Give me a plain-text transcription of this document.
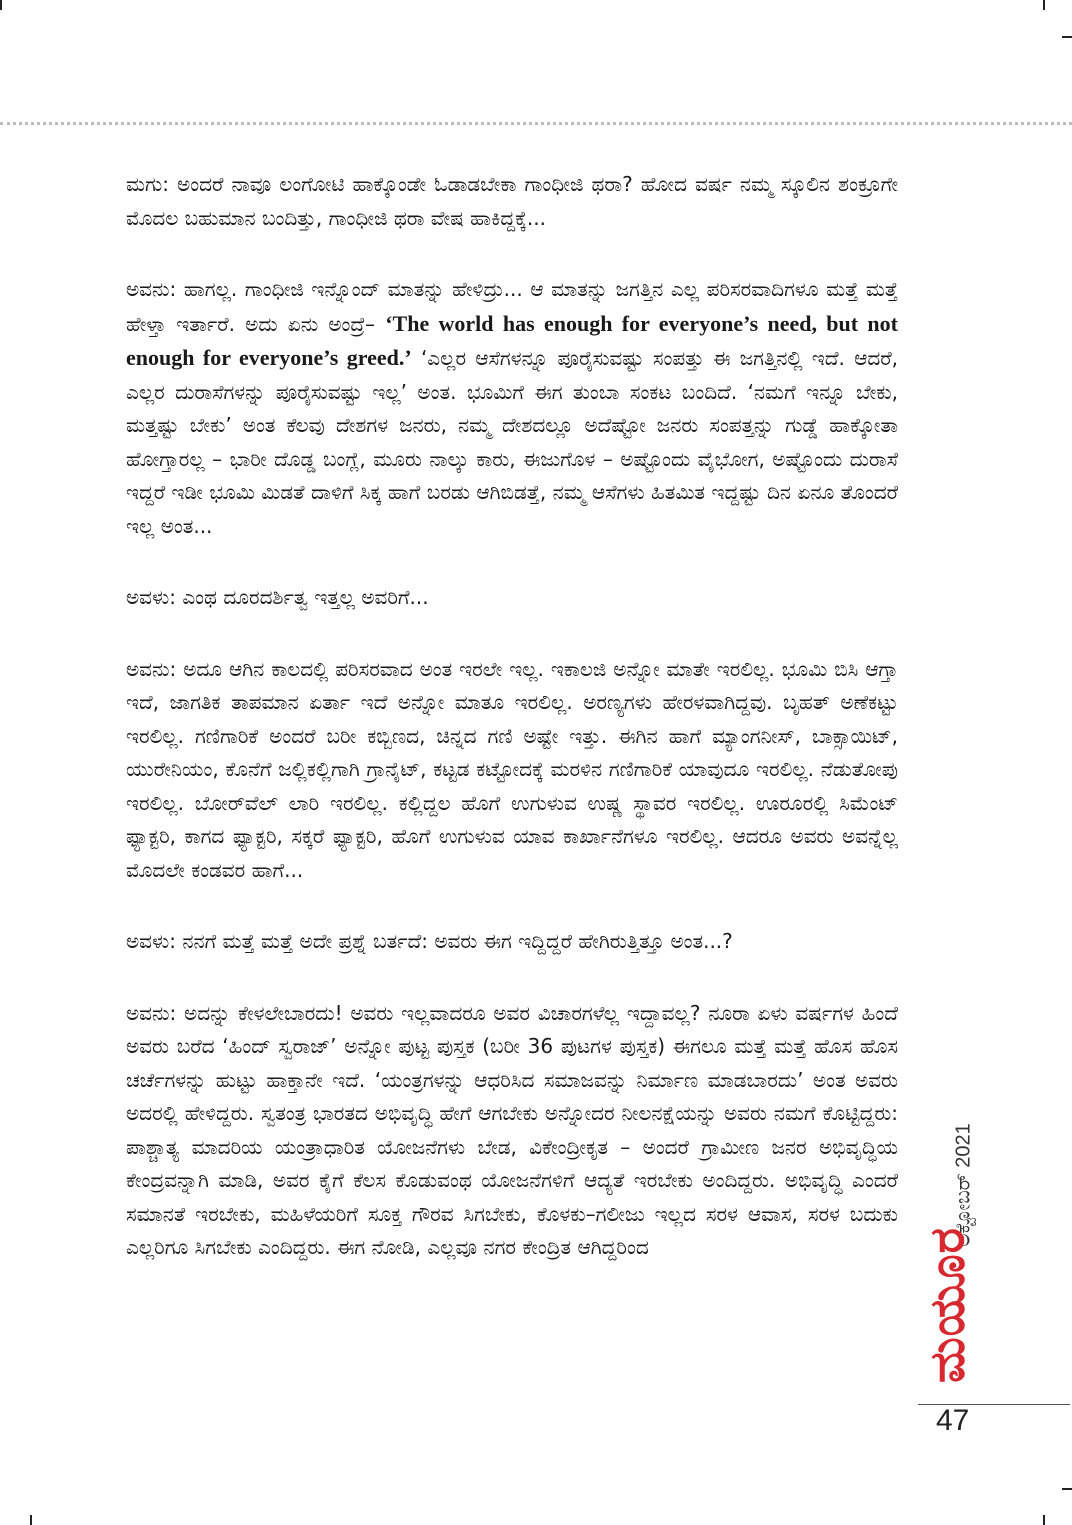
ಮಗು: ಅಂದರೆ ನಾವೂ ಲಂಗೋಟಿ ಹಾಕ್ಕೊಂಡೇ ಓಡಾಡಬೇಕಾ ಗಾಂಧೀಜಿ ಥರಾ? ಹೋದ ವರ್ಷ ನಮ್ಮ ಸ್ಕೂಲಿನ ಶಂಕ್ರೂಗೇ ಮೊದಲ ಬಹುಮಾನ ಬಂದಿತ್ತು, ಗಾಂಧೀಜಿ ಥರಾ ವೇಷ ಹಾಕಿದ್ದಕ್ಕೆ...

ಅವನು: ಹಾಗಲ್ಲ. ಗಾಂಧೀಜಿ ಇನ್ನೊಂದ್ ಮಾತನ್ನು ಹೇಳಿದ್ರು... ಆ ಮಾತನ್ನು ಜಗತ್ತಿನ ಎಲ್ಲ ಪರಿಸರವಾದಿಗಳೂ ಮತ್ತೆ ಮತ್ತೆ ಹೇಳ್ತಾ ಇರ್ತಾರೆ. ಅದು ಏನು ಅಂದ್ರೆ– ‘The world has enough for everyone’s need, but not enough for everyone’s greed.’ ‘ಎಲ್ಲರ ಆಸೆಗಳನ್ನೂ ಪೂರೈಸುವಷ್ಟು ಸಂಪತ್ತು ಈ ಜಗತ್ತಿನಲ್ಲಿ ಇದೆ. ಆದರೆ, ಎಲ್ಲರ ದುರಾಸೆಗಳನ್ನು ಪೂರೈಸುವಷ್ಟು ಇಲ್ಲ’ ಅಂತ. ಭೂಮಿಗೆ ಈಗ ತುಂಬಾ ಸಂಕಟ ಬಂದಿದೆ. ‘ನಮಗೆ ಇನ್ನೂ ಬೇಕು, ಮತ್ತಷ್ಟು ಬೇಕು’ ಅಂತ ಕೆಲವು ದೇಶಗಳ ಜನರು, ನಮ್ಮ ದೇಶದಲ್ಲೂ ಅದೆಷ್ಟೋ ಜನರು ಸಂಪತ್ತನ್ನು ಗುಡ್ಡೆ ಹಾಕ್ಕೋತಾ ಹೋಗ್ತಾರಲ್ಲ – ಭಾರೀ ದೊಡ್ಡ ಬಂಗ್ಲೆ, ಮೂರು ನಾಲ್ಕು ಕಾರು, ಈಜುಗೊಳ – ಅಷ್ಟೊಂದು ವೈಭೋಗ, ಅಷ್ಟೊಂದು ದುರಾಸೆ ಇದ್ದರೆ ಇಡೀ ಭೂಮಿ ಮಿಡತೆ ದಾಳಿಗೆ ಸಿಕ್ಕ ಹಾಗೆ ಬರಡು ಆಗಿಬಿಡತ್ತೆ, ನಮ್ಮ ಆಸೆಗಳು ಹಿತಮಿತ ಇದ್ದಷ್ಟು ದಿನ ಏನೂ ತೊಂದರೆ ಇಲ್ಲ ಅಂತ...

ಅವಳು: ಎಂಥ ದೂರದರ್ಶಿತ್ವ ಇತ್ತಲ್ಲ ಅವರಿಗೆ...

ಅವನು: ಅದೂ ಆಗಿನ ಕಾಲದಲ್ಲಿ ಪರಿಸರವಾದ ಅಂತ ಇರಲೇ ಇಲ್ಲ. ಇಕಾಲಜಿ ಅನ್ನೋ ಮಾತೇ ಇರಲಿಲ್ಲ. ಭೂಮಿ ಬಿಸಿ ಆಗ್ತಾ ಇದೆ, ಜಾಗತಿಕ ತಾಪಮಾನ ಏರ್ತಾ ಇದೆ ಅನ್ನೋ ಮಾತೂ ಇರಲಿಲ್ಲ. ಅರಣ್ಯಗಳು ಹೇರಳವಾಗಿದ್ದವು. ಬೃಹತ್ ಅಣೆಕಟ್ಟು ಇರಲಿಲ್ಲ. ಗಣಿಗಾರಿಕೆ ಅಂದರೆ ಬರೀ ಕಬ್ಬಿಣದ, ಚಿನ್ನದ ಗಣಿ ಅಷ್ಟೇ ಇತ್ತು. ಈಗಿನ ಹಾಗೆ ಮ್ಯಾಂಗನೀಸ್, ಬಾಕ್ಸಾಯಿಟ್, ಯುರೇನಿಯಂ, ಕೊನೆಗೆ ಜಲ್ಲಿಕಲ್ಲಿಗಾಗಿ ಗ್ರಾನೈಟ್, ಕಟ್ಟಡ ಕಟ್ಟೋದಕ್ಕೆ ಮರಳಿನ ಗಣಿಗಾರಿಕೆ ಯಾವುದೂ ಇರಲಿಲ್ಲ. ನೆಡುತೋಪು ಇರಲಿಲ್ಲ. ಬೋರ್‌ವೆಲ್ ಲಾರಿ ಇರಲಿಲ್ಲ. ಕಲ್ಲಿದ್ದಲ ಹೊಗೆ ಉಗುಳುವ ಉಷ್ಣ ಸ್ಥಾವರ ಇರಲಿಲ್ಲ. ಊರೂರಲ್ಲಿ ಸಿಮೆಂಟ್ ಫ್ಯಾಕ್ಟರಿ, ಕಾಗದ ಫ್ಯಾಕ್ಟರಿ, ಸಕ್ಕರೆ ಫ್ಯಾಕ್ಟರಿ, ಹೊಗೆ ಉಗುಳುವ ಯಾವ ಕಾರ್ಖಾನೆಗಳೂ ಇರಲಿಲ್ಲ. ಆದರೂ ಅವರು ಅವನ್ನೆಲ್ಲ ಮೊದಲೇ ಕಂಡವರ ಹಾಗೆ...

ಅವಳು: ನನಗೆ ಮತ್ತೆ ಮತ್ತೆ ಅದೇ ಪ್ರಶ್ನೆ ಬರ್ತದೆ: ಅವರು ಈಗ ಇದ್ದಿದ್ದರೆ ಹೇಗಿರುತ್ತಿತ್ತೂ ಅಂತ...?

ಅವನು: ಅದನ್ನು ಕೇಳಲೇಬಾರದು! ಅವರು ಇಲ್ಲವಾದರೂ ಅವರ ವಿಚಾರಗಳೆಲ್ಲ ಇದ್ದಾವಲ್ಲ? ನೂರಾ ಏಳು ವರ್ಷಗಳ ಹಿಂದೆ ಅವರು ಬರೆದ ‘ಹಿಂದ್ ಸ್ವರಾಜ್’ ಅನ್ನೋ ಪುಟ್ಟ ಪುಸ್ತಕ (ಬರೀ 36 ಪುಟಗಳ ಪುಸ್ತಕ) ಈಗಲೂ ಮತ್ತೆ ಮತ್ತೆ ಹೊಸ ಹೊಸ ಚರ್ಚೆಗಳನ್ನು ಹುಟ್ಟು ಹಾಕ್ತಾನೇ ಇದೆ. ‘ಯಂತ್ರಗಳನ್ನು ಆಧರಿಸಿದ ಸಮಾಜವನ್ನು ನಿರ್ಮಾಣ ಮಾಡಬಾರದು’ ಅಂತ ಅವರು ಅದರಲ್ಲಿ ಹೇಳಿದ್ದರು. ಸ್ವತಂತ್ರ ಭಾರತದ ಅಭಿವೃದ್ಧಿ ಹೇಗೆ ಆಗಬೇಕು ಅನ್ನೋದರ ನೀಲನಕ್ಷೆಯನ್ನು ಅವರು ನಮಗೆ ಕೊಟ್ಟಿದ್ದರು: ಪಾಶ್ಚಾತ್ಯ ಮಾದರಿಯ ಯಂತ್ರಾಧಾರಿತ ಯೋಜನೆಗಳು ಬೇಡ, ವಿಕೇಂದ್ರೀಕೃತ – ಅಂದರೆ ಗ್ರಾಮೀಣ ಜನರ ಅಭಿವೃದ್ಧಿಯ ಕೇಂದ್ರವನ್ನಾಗಿ ಮಾಡಿ, ಅವರ ಕೈಗೆ ಕೆಲಸ ಕೊಡುವಂಥ ಯೋಜನೆಗಳಿಗೆ ಆದ್ಯತೆ ಇರಬೇಕು ಅಂದಿದ್ದರು. ಅಭಿವೃದ್ಧಿ ಎಂದರೆ ಸಮಾನತೆ ಇರಬೇಕು, ಮಹಿಳೆಯರಿಗೆ ಸೂಕ್ತ ಗೌರವ ಸಿಗಬೇಕು, ಕೊಳಕು–ಗಲೀಜು ಇಲ್ಲದ ಸರಳ ಆವಾಸ, ಸರಳ ಬದುಕು ಎಲ್ಲರಿಗೂ ಸಿಗಬೇಕು ಎಂದಿದ್ದರು. ಈಗ ನೋಡಿ, ಎಲ್ಲವೂ ನಗರ ಕೇಂದ್ರಿತ ಆಗಿದ್ದರಿಂದ

ಅಕ್ಟೋಬರ್ 2021
ಮಯೂರ
47
